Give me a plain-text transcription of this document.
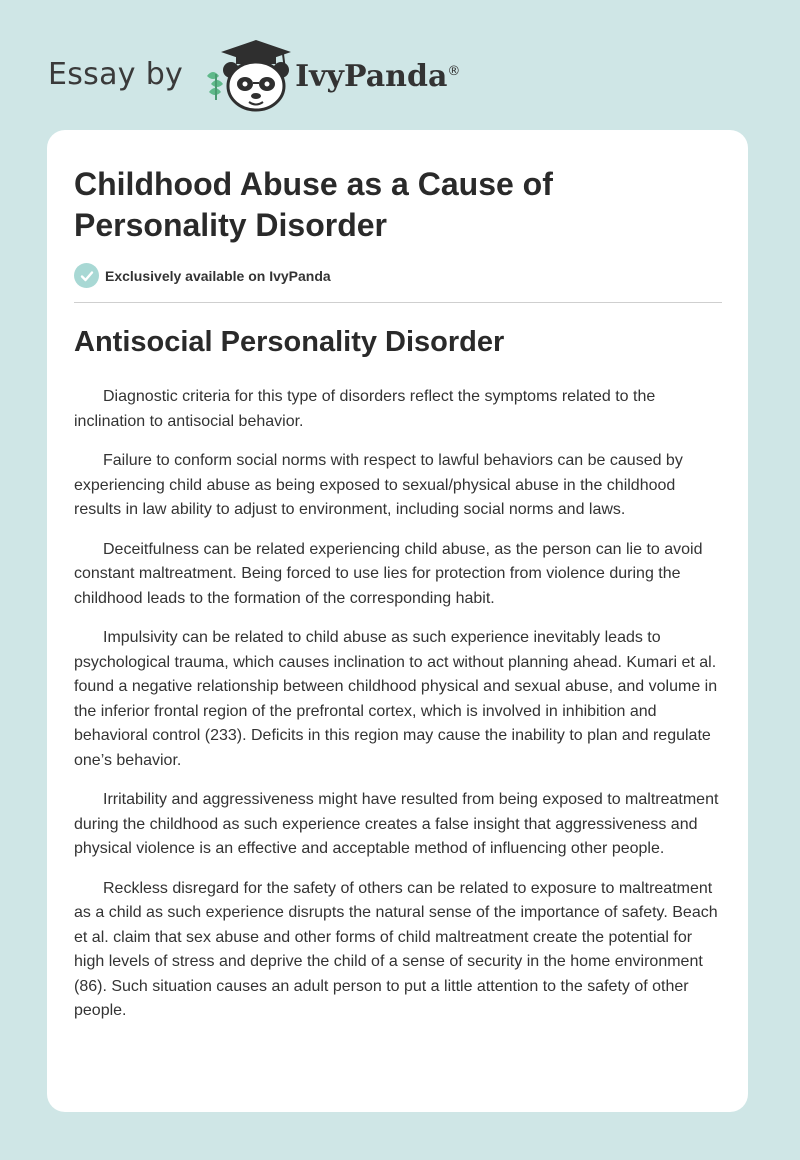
Essay by	IvyPanda®
Childhood Abuse as a Cause of Personality Disorder
Exclusively available on IvyPanda
Antisocial Personality Disorder

Diagnostic criteria for this type of disorders reflect the symptoms related to the inclination to antisocial behavior.

Failure to conform social norms with respect to lawful behaviors can be caused by experiencing child abuse as being exposed to sexual/physical abuse in the childhood results in law ability to adjust to environment, including social norms and laws.

Deceitfulness can be related experiencing child abuse, as the person can lie to avoid constant maltreatment. Being forced to use lies for protection from violence during the childhood leads to the formation of the corresponding habit.

Impulsivity can be related to child abuse as such experience inevitably leads to psychological trauma, which causes inclination to act without planning ahead. Kumari et al. found a negative relationship between childhood physical and sexual abuse, and volume in the inferior frontal region of the prefrontal cortex, which is involved in inhibition and behavioral control (233). Deficits in this region may cause the inability to plan and regulate one’s behavior.

Irritability and aggressiveness might have resulted from being exposed to maltreatment during the childhood as such experience creates a false insight that aggressiveness and physical violence is an effective and acceptable method of influencing other people.

Reckless disregard for the safety of others can be related to exposure to maltreatment as a child as such experience disrupts the natural sense of the importance of safety. Beach et al. claim that sex abuse and other forms of child maltreatment create the potential for high levels of stress and deprive the child of a sense of security in the home environment (86). Such situation causes an adult person to put a little attention to the safety of other people.
